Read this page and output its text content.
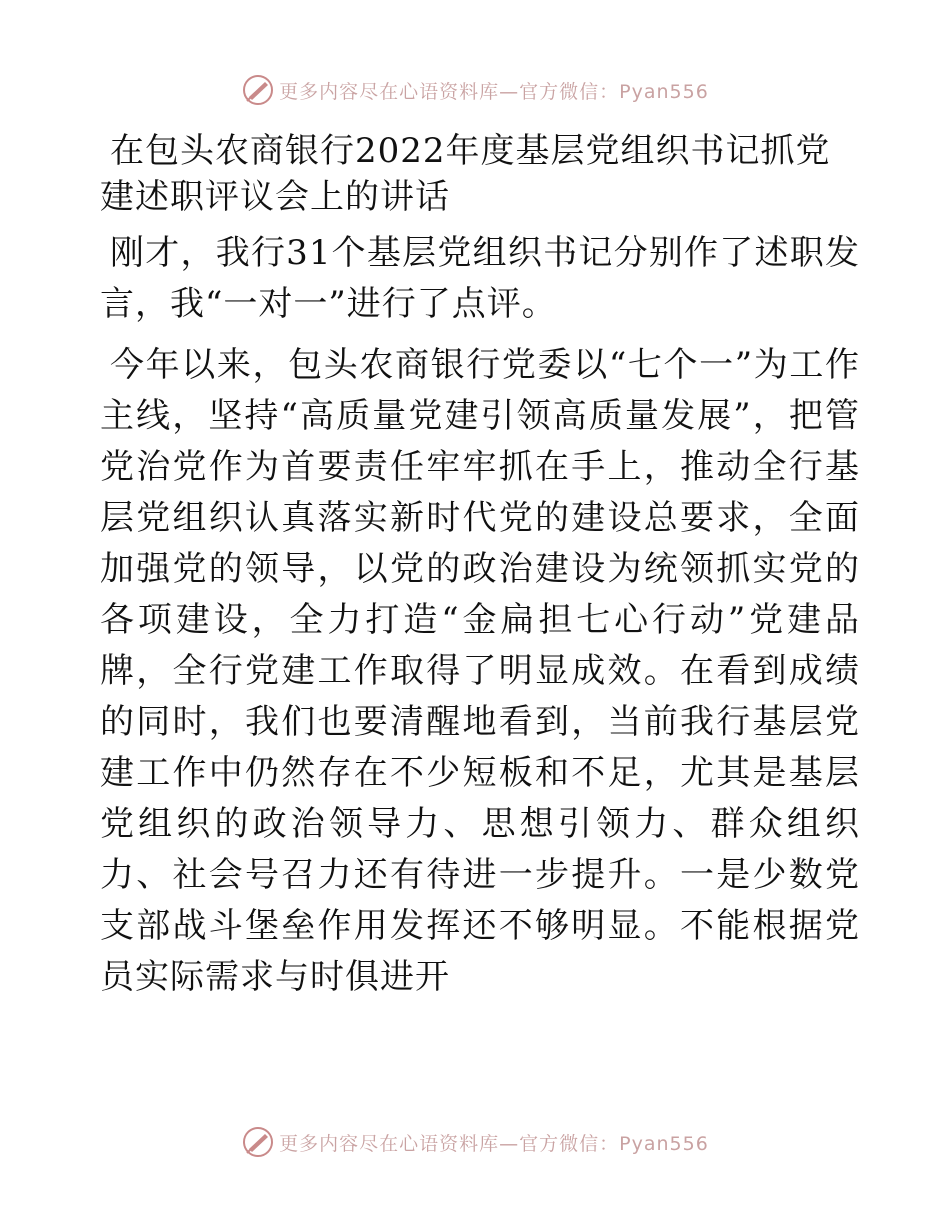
更多内容尽在心语资料库—官方微信：Pyan556
在包头农商银行2022年度基层党组织书记抓党建述职评议会上的讲话

刚才，我行31个基层党组织书记分别作了述职发言，我“一对一”进行了点评。

今年以来，包头农商银行党委以“七个一”为工作主线，坚持“高质量党建引领高质量发展”，把管党治党作为首要责任牢牢抓在手上，推动全行基层党组织认真落实新时代党的建设总要求，全面加强党的领导，以党的政治建设为统领抓实党的各项建设，全力打造“金扁担七心行动”党建品牌，全行党建工作取得了明显成效。在看到成绩的同时，我们也要清醒地看到，当前我行基层党建工作中仍然存在不少短板和不足，尤其是基层党组织的政治领导力、思想引领力、群众组织力、社会号召力还有待进一步提升。一是少数党支部战斗堡垒作用发挥还不够明显。不能根据党员实际需求与时俱进开

更多内容尽在心语资料库—官方微信：Pyan556
